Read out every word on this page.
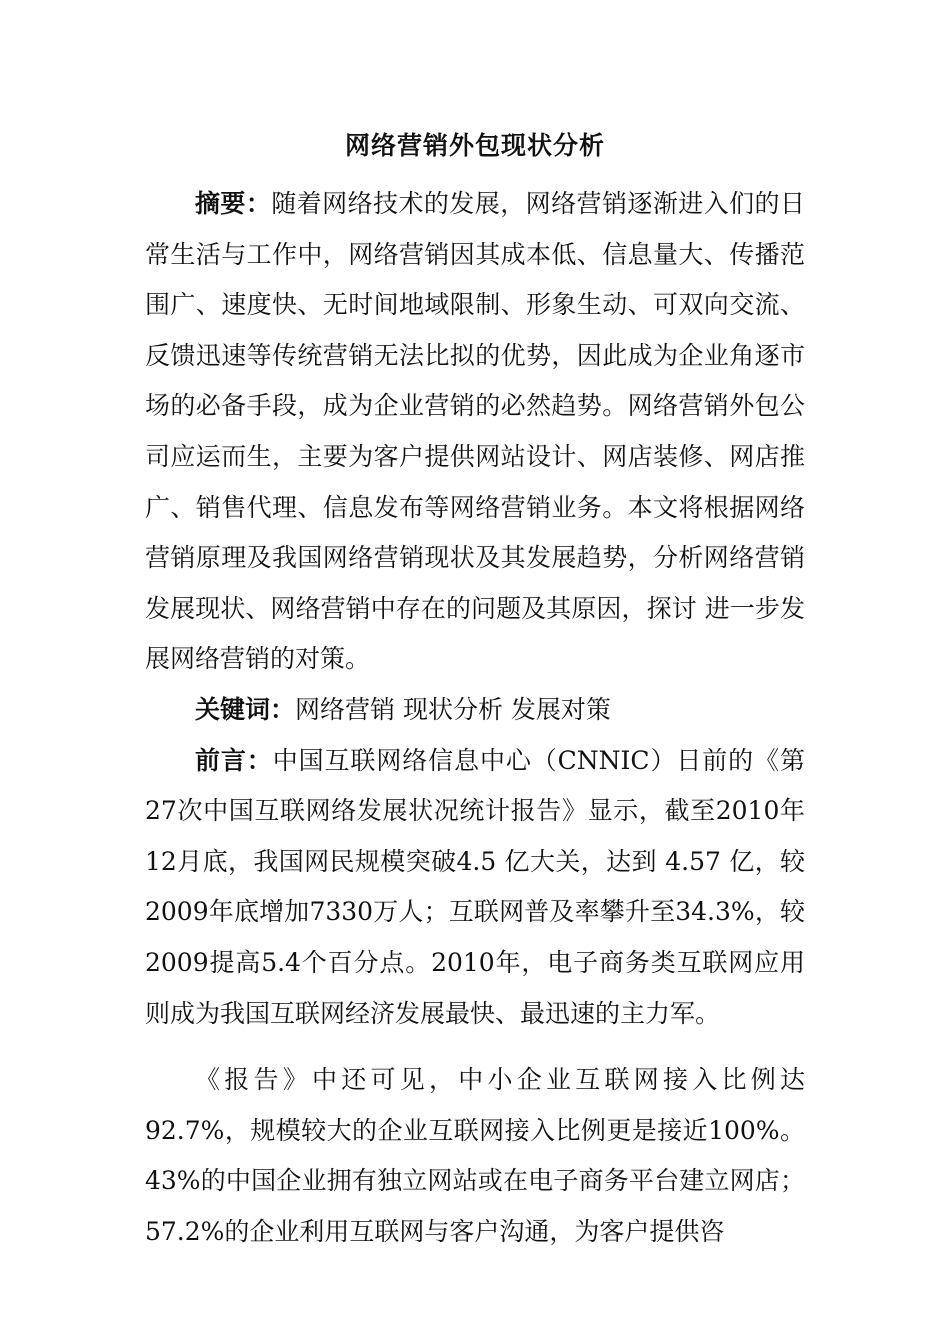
网络营销外包现状分析

摘要：随着网络技术的发展，网络营销逐渐进入们的日常生活与工作中，网络营销因其成本低、信息量大、传播范围广、速度快、无时间地域限制、形象生动、可双向交流、反馈迅速等传统营销无法比拟的优势，因此成为企业角逐市场的必备手段，成为企业营销的必然趋势。网络营销外包公司应运而生，主要为客户提供网站设计、网店装修、网店推广、销售代理、信息发布等网络营销业务。本文将根据网络营销原理及我国网络营销现状及其发展趋势，分析网络营销发展现状、网络营销中存在的问题及其原因，探讨 进一步发展网络营销的对策。

关键词：网络营销 现状分析 发展对策

前言：中国互联网络信息中心（CNNIC）日前的《第27次中国互联网络发展状况统计报告》显示，截至2010年12月底，我国网民规模突破4.5 亿大关，达到 4.57 亿，较2009年底增加7330万人；互联网普及率攀升至34.3%，较2009提高5.4个百分点。2010年，电子商务类互联网应用则成为我国互联网经济发展最快、最迅速的主力军。

《报告》中还可见，中小企业互联网接入比例达92.7%，规模较大的企业互联网接入比例更是接近100%。43%的中国企业拥有独立网站或在电子商务平台建立网店；57.2%的企业利用互联网与客户沟通，为客户提供咨
